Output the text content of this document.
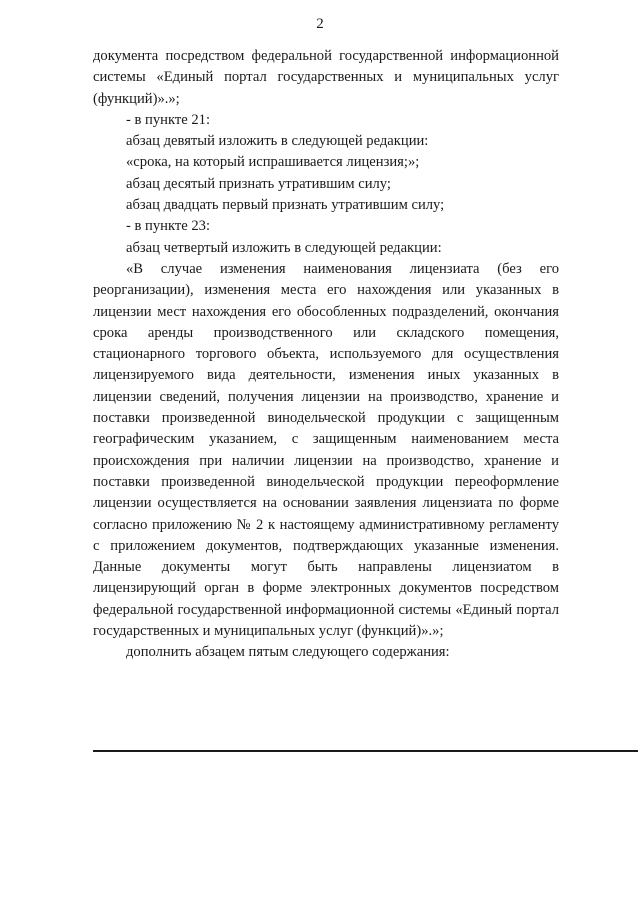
2

документа посредством федеральной государственной информационной системы «Единый портал государственных и муниципальных услуг (функций)».»;

- в пункте 21:

абзац девятый изложить в следующей редакции:

«срока, на который испрашивается лицензия;»;

абзац десятый признать утратившим силу;

абзац двадцать первый признать утратившим силу;

- в пункте 23:

абзац четвертый изложить в следующей редакции:

«В случае изменения наименования лицензиата (без его реорганизации), изменения места его нахождения или указанных в лицензии мест нахождения его обособленных подразделений, окончания срока аренды производственного или складского помещения, стационарного торгового объекта, используемого для осуществления лицензируемого вида деятельности, изменения иных указанных в лицензии сведений, получения лицензии на производство, хранение и поставки произведенной винодельческой продукции с защищенным географическим указанием, с защищенным наименованием места происхождения при наличии лицензии на производство, хранение и поставки произведенной винодельческой продукции переоформление лицензии осуществляется на основании заявления лицензиата по форме согласно приложению № 2 к настоящему административному регламенту с приложением документов, подтверждающих указанные изменения. Данные документы могут быть направлены лицензиатом в лицензирующий орган в форме электронных документов посредством федеральной государственной информационной системы «Единый портал государственных и муниципальных услуг (функций)».»;

дополнить абзацем пятым следующего содержания:
